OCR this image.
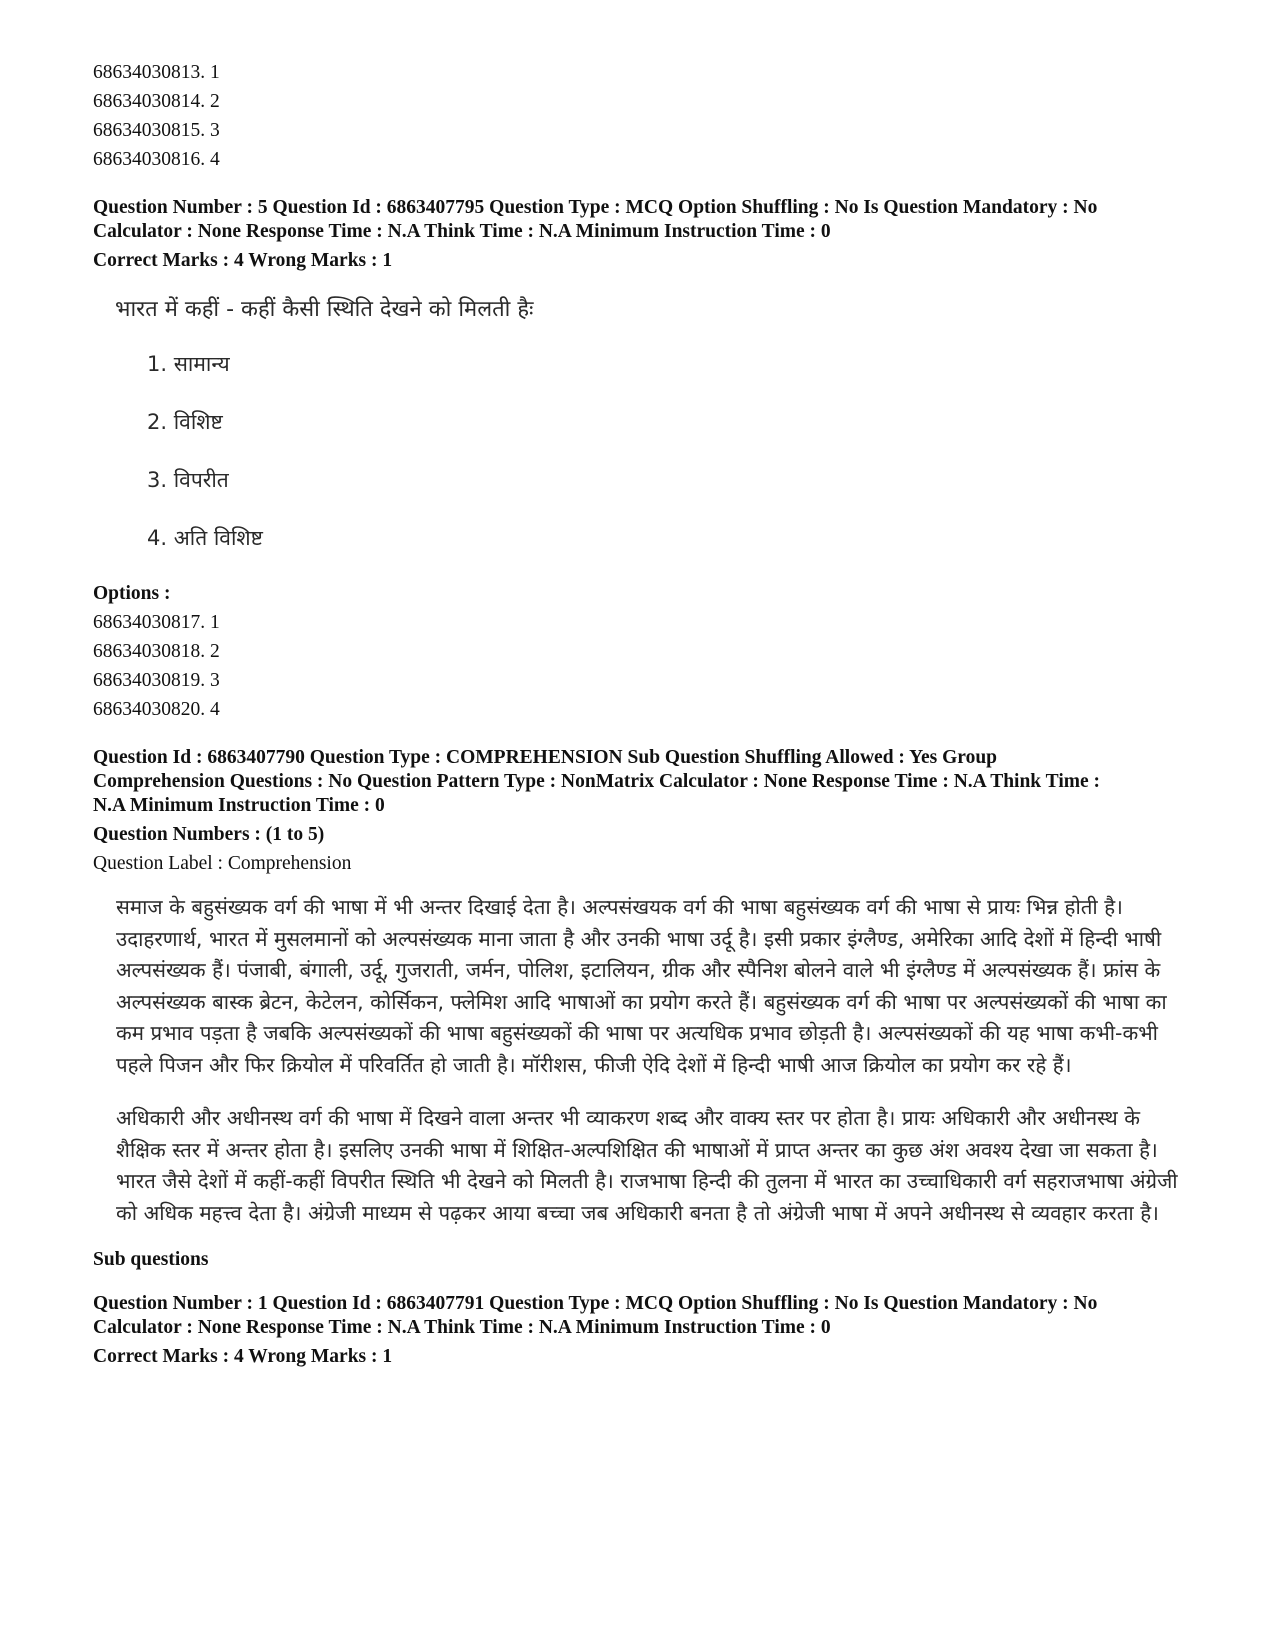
68634030813. 1

68634030814. 2

68634030815. 3

68634030816. 4

Question Number : 5 Question Id : 6863407795 Question Type : MCQ Option Shuffling : No Is Question Mandatory : No

Calculator : None Response Time : N.A Think Time : N.A Minimum Instruction Time : 0

Correct Marks : 4 Wrong Marks : 1

भारत में कहीं - कहीं कैसी स्थिति देखने को मिलती हैः

1. सामान्य

2. विशिष्ट

3. विपरीत

4. अति विशिष्ट

Options :

68634030817. 1

68634030818. 2

68634030819. 3

68634030820. 4

Question Id : 6863407790 Question Type : COMPREHENSION Sub Question Shuffling Allowed : Yes Group

Comprehension Questions : No Question Pattern Type : NonMatrix Calculator : None Response Time : N.A Think Time :

N.A Minimum Instruction Time : 0

Question Numbers : (1 to 5)

Question Label : Comprehension

समाज के बहुसंख्यक वर्ग की भाषा में भी अन्तर दिखाई देता है। अल्पसंखयक वर्ग की भाषा बहुसंख्यक वर्ग की भाषा से प्रायः भिन्न होती है। उदाहरणार्थ, भारत में मुसलमानों को अल्पसंख्यक माना जाता है और उनकी भाषा उर्दू है। इसी प्रकार इंग्लैण्ड, अमेरिका आदि देशों में हिन्दी भाषी अल्पसंख्यक हैं। पंजाबी, बंगाली, उर्दू, गुजराती, जर्मन, पोलिश, इटालियन, ग्रीक और स्पैनिश बोलने वाले भी इंग्लैण्ड में अल्पसंख्यक हैं। फ्रांस के अल्पसंख्यक बास्क ब्रेटन, केटेलन, कोर्सिकन, फ्लेमिश आदि भाषाओं का प्रयोग करते हैं। बहुसंख्यक वर्ग की भाषा पर अल्पसंख्यकों की भाषा का कम प्रभाव पड़ता है जबकि अल्पसंख्यकों की भाषा बहुसंख्यकों की भाषा पर अत्यधिक प्रभाव छोड़ती है। अल्पसंख्यकों की यह भाषा कभी-कभी पहले पिजन और फिर क्रियोल में परिवर्तित हो जाती है। मॉरीशस, फीजी ऐदि देशों में हिन्दी भाषी आज क्रियोल का प्रयोग कर रहे हैं।

अधिकारी और अधीनस्थ वर्ग की भाषा में दिखने वाला अन्तर भी व्याकरण शब्द और वाक्य स्तर पर होता है। प्रायः अधिकारी और अधीनस्थ के शैक्षिक स्तर में अन्तर होता है। इसलिए उनकी भाषा में शिक्षित-अल्पशिक्षित की भाषाओं में प्राप्त अन्तर का कुछ अंश अवश्य देखा जा सकता है। भारत जैसे देशों में कहीं-कहीं विपरीत स्थिति भी देखने को मिलती है। राजभाषा हिन्दी की तुलना में भारत का उच्चाधिकारी वर्ग सहराजभाषा अंग्रेजी को अधिक महत्त्व देता है। अंग्रेजी माध्यम से पढ़कर आया बच्चा जब अधिकारी बनता है तो अंग्रेजी भाषा में अपने अधीनस्थ से व्यवहार करता है।

Sub questions

Question Number : 1 Question Id : 6863407791 Question Type : MCQ Option Shuffling : No Is Question Mandatory : No

Calculator : None Response Time : N.A Think Time : N.A Minimum Instruction Time : 0

Correct Marks : 4 Wrong Marks : 1
